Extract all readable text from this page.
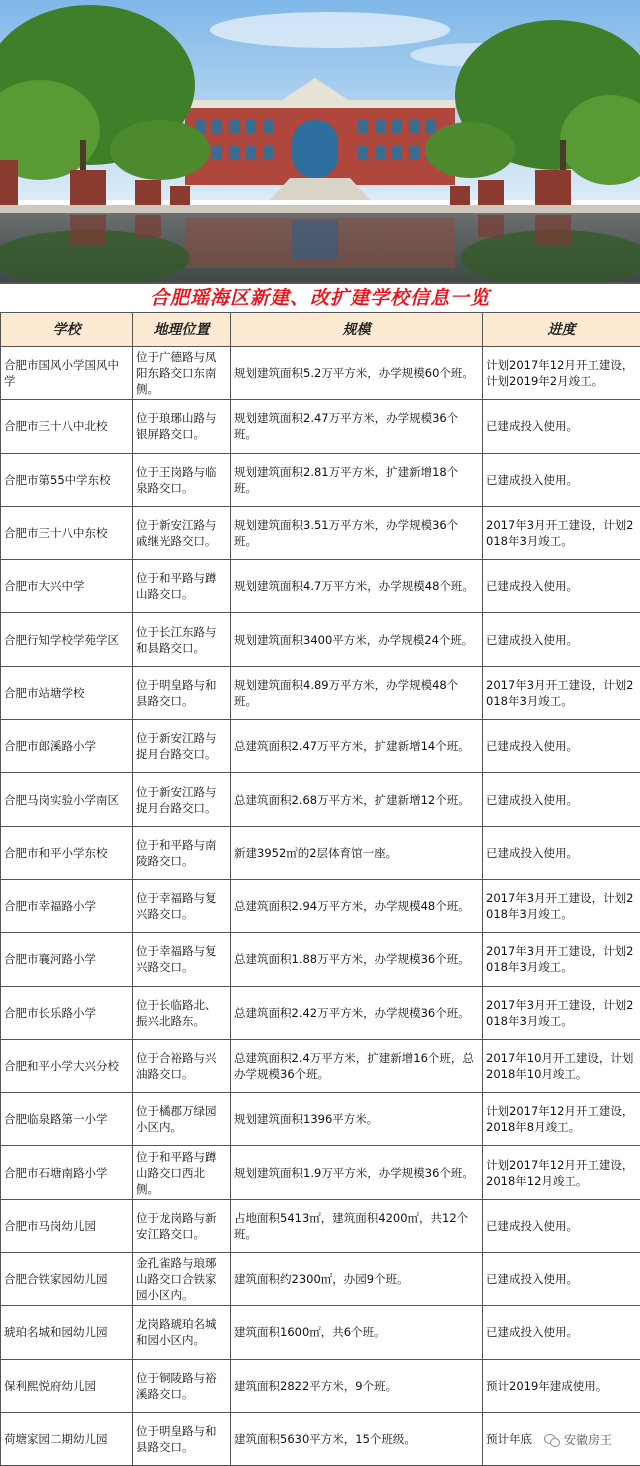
合肥瑶海区新建、改扩建学校信息一览
学校	地理位置	规模	进度
合肥市国风小学国风中学	位于广德路与凤阳东路交口东南侧。	规划建筑面积5.2万平方米，办学规模60个班。	计划2017年12月开工建设，计划2019年2月竣工。
合肥市三十八中北校	位于琅琊山路与银屏路交口。	规划建筑面积2.47万平方米，办学规模36个班。	已建成投入使用。
合肥市第55中学东校	位于王岗路与临泉路交口。	规划建筑面积2.81万平方米，扩建新增18个班。	已建成投入使用。
合肥市三十八中东校	位于新安江路与戚继光路交口。	规划建筑面积3.51万平方米，办学规模36个班。	2017年3月开工建设，计划2018年3月竣工。
合肥市大兴中学	位于和平路与蹲山路交口。	规划建筑面积4.7万平方米，办学规模48个班。	已建成投入使用。
合肥行知学校学苑学区	位于长江东路与和县路交口。	规划建筑面积3400平方米，办学规模24个班。	已建成投入使用。
合肥市站塘学校	位于明皇路与和县路交口。	规划建筑面积4.89万平方米，办学规模48个班。	2017年3月开工建设，计划2018年3月竣工。
合肥市郎溪路小学	位于新安江路与捉月台路交口。	总建筑面积2.47万平方米，扩建新增14个班。	已建成投入使用。
合肥马岗实验小学南区	位于新安江路与捉月台路交口。	总建筑面积2.68万平方米，扩建新增12个班。	已建成投入使用。
合肥市和平小学东校	位于和平路与南陵路交口。	新建3952㎡的2层体育馆一座。	已建成投入使用。
合肥市幸福路小学	位于幸福路与复兴路交口。	总建筑面积2.94万平方米，办学规模48个班。	2017年3月开工建设，计划2018年3月竣工。
合肥市襄河路小学	位于幸福路与复兴路交口。	总建筑面积1.88万平方米，办学规模36个班。	2017年3月开工建设，计划2018年3月竣工。
合肥市长乐路小学	位于长临路北、振兴北路东。	总建筑面积2.42万平方米，办学规模36个班。	2017年3月开工建设，计划2018年3月竣工。
合肥和平小学大兴分校	位于合裕路与兴油路交口。	总建筑面积2.4万平方米，扩建新增16个班，总办学规模36个班。	2017年10月开工建设，计划2018年10月竣工。
合肥临泉路第一小学	位于橘郡万绿园小区内。	规划建筑面积1396平方米。	计划2017年12月开工建设，2018年8月竣工。
合肥市石塘南路小学	位于和平路与蹲山路交口西北侧。	规划建筑面积1.9万平方米，办学规模36个班。	计划2017年12月开工建设，2018年12月竣工。
合肥市马岗幼儿园	位于龙岗路与新安江路交口。	占地面积5413㎡，建筑面积4200㎡，共12个班。	已建成投入使用。
合肥合铁家园幼儿园	金孔雀路与琅琊山路交口合铁家园小区内。	建筑面积约2300㎡，办园9个班。	已建成投入使用。
琥珀名城和园幼儿园	龙岗路琥珀名城和园小区内。	建筑面积1600㎡，共6个班。	已建成投入使用。
保利熙悦府幼儿园	位于铜陵路与裕溪路交口。	建筑面积2822平方米，9个班。	预计2019年建成使用。
荷塘家园二期幼儿园	位于明皇路与和县路交口。	建筑面积5630平方米，15个班级。	预计年底	安徽房王
